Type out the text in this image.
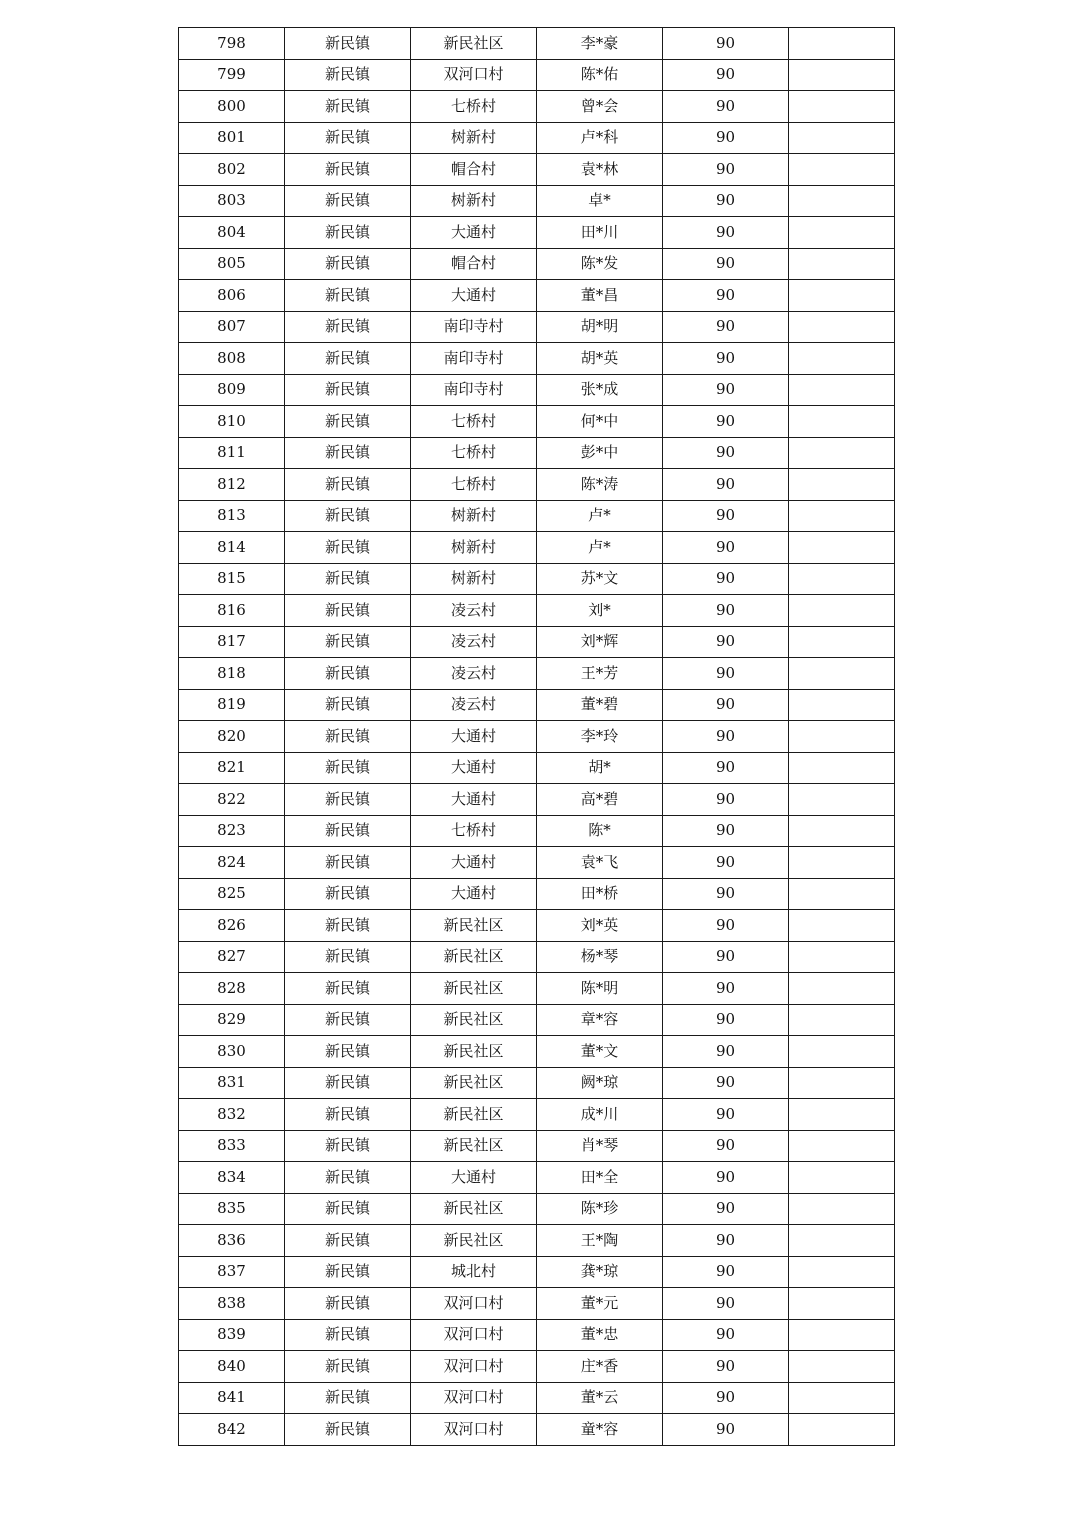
798	新民镇	新民社区	李*豪	90	
799	新民镇	双河口村	陈*佑	90	
800	新民镇	七桥村	曾*会	90	
801	新民镇	树新村	卢*科	90	
802	新民镇	帽合村	袁*林	90	
803	新民镇	树新村	卓*	90	
804	新民镇	大通村	田*川	90	
805	新民镇	帽合村	陈*发	90	
806	新民镇	大通村	董*昌	90	
807	新民镇	南印寺村	胡*明	90	
808	新民镇	南印寺村	胡*英	90	
809	新民镇	南印寺村	张*成	90	
810	新民镇	七桥村	何*中	90	
811	新民镇	七桥村	彭*中	90	
812	新民镇	七桥村	陈*涛	90	
813	新民镇	树新村	卢*	90	
814	新民镇	树新村	卢*	90	
815	新民镇	树新村	苏*文	90	
816	新民镇	凌云村	刘*	90	
817	新民镇	凌云村	刘*辉	90	
818	新民镇	凌云村	王*芳	90	
819	新民镇	凌云村	董*碧	90	
820	新民镇	大通村	李*玲	90	
821	新民镇	大通村	胡*	90	
822	新民镇	大通村	高*碧	90	
823	新民镇	七桥村	陈*	90	
824	新民镇	大通村	袁*飞	90	
825	新民镇	大通村	田*桥	90	
826	新民镇	新民社区	刘*英	90	
827	新民镇	新民社区	杨*琴	90	
828	新民镇	新民社区	陈*明	90	
829	新民镇	新民社区	章*容	90	
830	新民镇	新民社区	董*文	90	
831	新民镇	新民社区	阙*琼	90	
832	新民镇	新民社区	成*川	90	
833	新民镇	新民社区	肖*琴	90	
834	新民镇	大通村	田*全	90	
835	新民镇	新民社区	陈*珍	90	
836	新民镇	新民社区	王*陶	90	
837	新民镇	城北村	龚*琼	90	
838	新民镇	双河口村	董*元	90	
839	新民镇	双河口村	董*忠	90	
840	新民镇	双河口村	庄*香	90	
841	新民镇	双河口村	董*云	90	
842	新民镇	双河口村	童*容	90	
